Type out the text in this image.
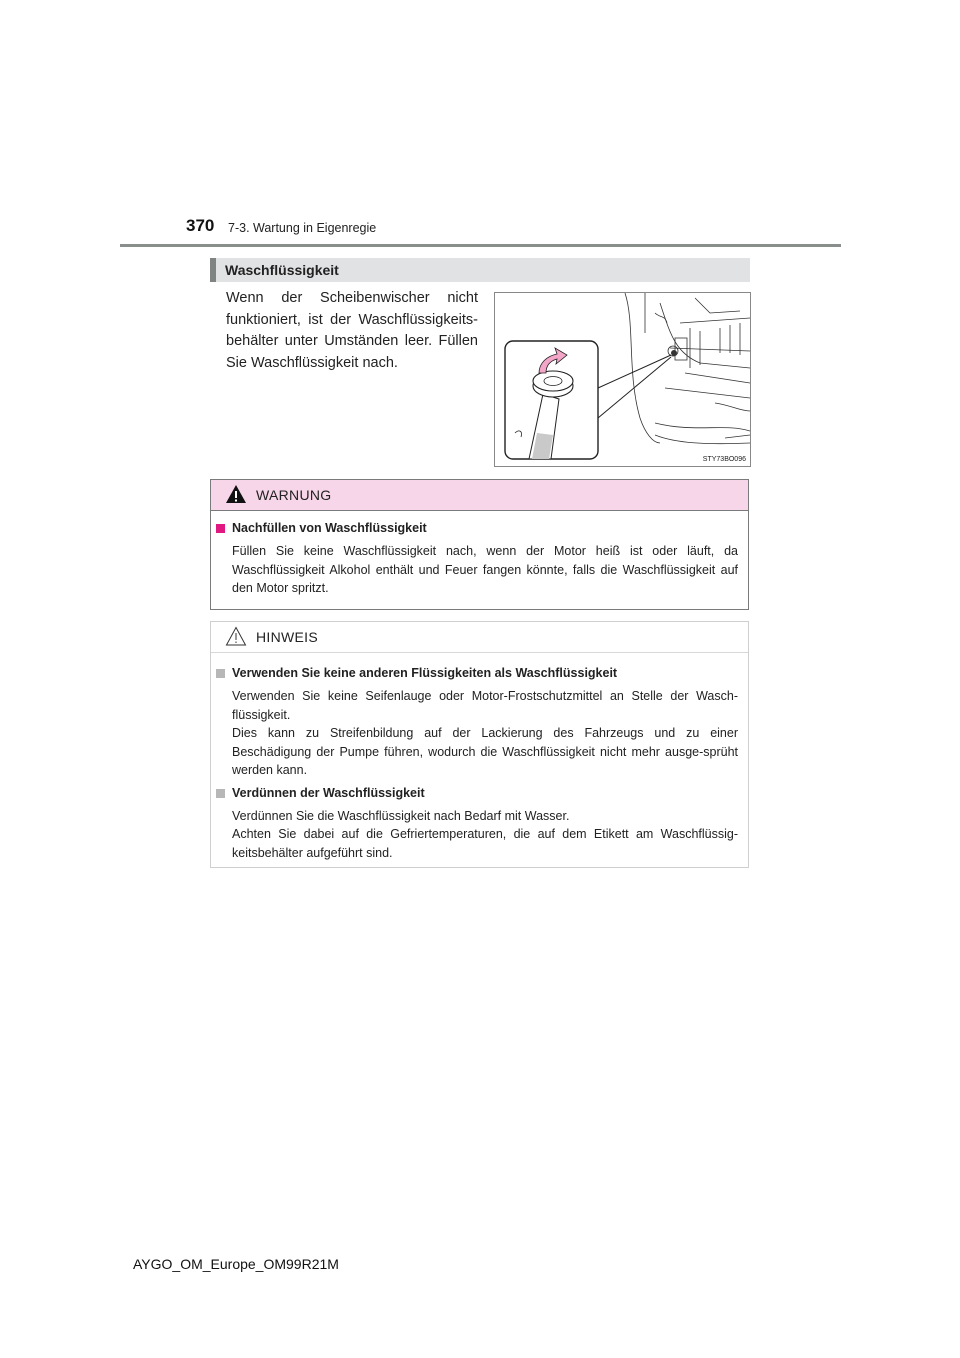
370 7-3. Wartung in Eigenregie
Waschflüssigkeit
Wenn der Scheibenwischer nicht funktioniert, ist der Waschflüssigkeits-behälter unter Umständen leer. Füllen Sie Waschflüssigkeit nach.
STY73BO096
WARNUNG
Nachfüllen von Waschflüssigkeit
Füllen Sie keine Waschflüssigkeit nach, wenn der Motor heiß ist oder läuft, da Waschflüssigkeit Alkohol enthält und Feuer fangen könnte, falls die Waschflüssigkeit auf den Motor spritzt.
HINWEIS
Verwenden Sie keine anderen Flüssigkeiten als Waschflüssigkeit
Verwenden Sie keine Seifenlauge oder Motor-Frostschutzmittel an Stelle der Wasch-flüssigkeit.
Dies kann zu Streifenbildung auf der Lackierung des Fahrzeugs und zu einer Beschädigung der Pumpe führen, wodurch die Waschflüssigkeit nicht mehr ausge-sprüht werden kann.
Verdünnen der Waschflüssigkeit
Verdünnen Sie die Waschflüssigkeit nach Bedarf mit Wasser.
Achten Sie dabei auf die Gefriertemperaturen, die auf dem Etikett am Waschflüssig-keitsbehälter aufgeführt sind.
AYGO_OM_Europe_OM99R21M
